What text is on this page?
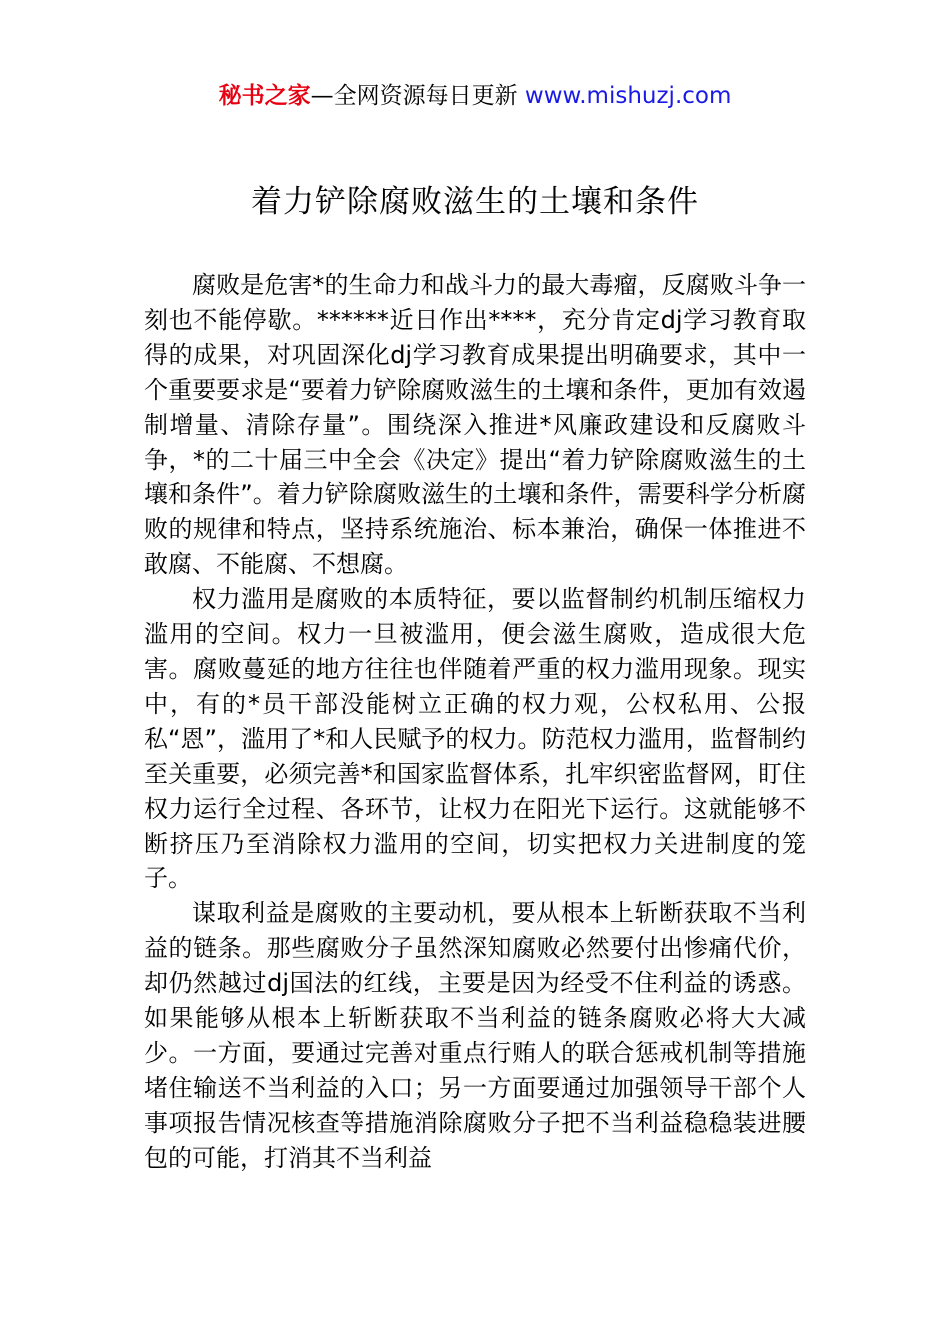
秘书之家—全网资源每日更新 www.mishuzj.com
着力铲除腐败滋生的土壤和条件

腐败是危害*的生命力和战斗力的最大毒瘤，反腐败斗争一刻也不能停歇。******近日作出****，充分肯定dj学习教育取得的成果，对巩固深化dj学习教育成果提出明确要求，其中一个重要要求是“要着力铲除腐败滋生的土壤和条件，更加有效遏制增量、清除存量”。围绕深入推进*风廉政建设和反腐败斗争，*的二十届三中全会《决定》提出“着力铲除腐败滋生的土壤和条件”。着力铲除腐败滋生的土壤和条件，需要科学分析腐败的规律和特点，坚持系统施治、标本兼治，确保一体推进不敢腐、不能腐、不想腐。

权力滥用是腐败的本质特征，要以监督制约机制压缩权力滥用的空间。权力一旦被滥用，便会滋生腐败，造成很大危害。腐败蔓延的地方往往也伴随着严重的权力滥用现象。现实中，有的*员干部没能树立正确的权力观，公权私用、公报私“恩”，滥用了*和人民赋予的权力。防范权力滥用，监督制约至关重要，必须完善*和国家监督体系，扎牢织密监督网，盯住权力运行全过程、各环节，让权力在阳光下运行。这就能够不断挤压乃至消除权力滥用的空间，切实把权力关进制度的笼子。

谋取利益是腐败的主要动机，要从根本上斩断获取不当利益的链条。那些腐败分子虽然深知腐败必然要付出惨痛代价，却仍然越过dj国法的红线，主要是因为经受不住利益的诱惑。如果能够从根本上斩断获取不当利益的链条腐败必将大大减少。一方面，要通过完善对重点行贿人的联合惩戒机制等措施堵住输送不当利益的入口；另一方面要通过加强领导干部个人事项报告情况核查等措施消除腐败分子把不当利益稳稳装进腰包的可能，打消其不当利益
